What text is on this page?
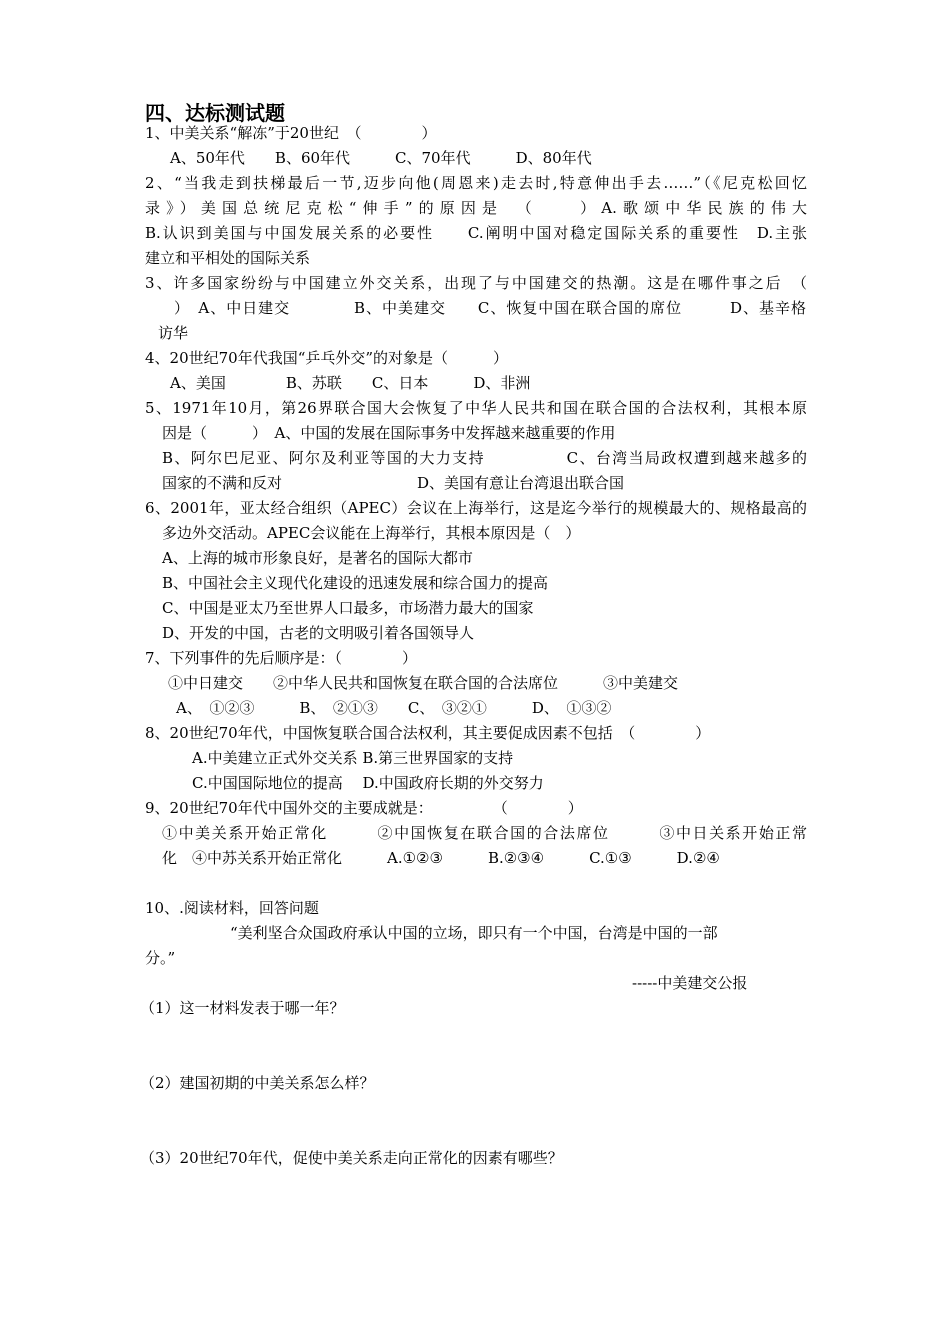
四、达标测试题
1、中美关系“解冻”于20世纪　（　　　　）
A、50年代　　B、60年代　　　C、70年代　　　D、80年代
2、“当我走到扶梯最后一节,迈步向他(周恩来)走去时,特意伸出手去……”（《尼克松回忆
录》）美国总统尼克松“伸手”的原因是　（　　）A.歌颂中华民族的伟大
B.认识到美国与中国发展关系的必要性　　C.阐明中国对稳定国际关系的重要性　D.主张
建立和平相处的国际关系
3、许多国家纷纷与中国建立外交关系，出现了与中国建交的热潮。这是在哪件事之后　（
　）　A、中日建交　　　　B、中美建交　　C、恢复中国在联合国的席位　　　D、基辛格
访华
4、20世纪70年代我国“乒乓外交”的对象是（　　　）
A、美国　　　　B、苏联　　C、日本　　　D、非洲
5、1971年10月，第26界联合国大会恢复了中华人民共和国在联合国的合法权利，其根本原
因是（　　　）　A、中国的发展在国际事务中发挥越来越重要的作用
B、阿尔巴尼亚、阿尔及利亚等国的大力支持　　　　　C、台湾当局政权遭到越来越多的
国家的不满和反对　　　　　　　　　D、美国有意让台湾退出联合国
6、2001年，亚太经合组织（APEC）会议在上海举行，这是迄今举行的规模最大的、规格最高的
多边外交活动。APEC会议能在上海举行，其根本原因是（　）
A、上海的城市形象良好，是著名的国际大都市
B、中国社会主义现代化建设的迅速发展和综合国力的提高
C、中国是亚太乃至世界人口最多，市场潜力最大的国家
D、开发的中国，古老的文明吸引着各国领导人
7、下列事件的先后顺序是：（　　　　）
①中日建交　　②中华人民共和国恢复在联合国的合法席位　　　③中美建交
A、　①②③　　　B、　②①③　　C、　③②①　　　D、　①③②
8、20世纪70年代，中国恢复联合国合法权利，其主要促成因素不包括　（　　　　）
A.中美建立正式外交关系 B.第三世界国家的支持
C.中国国际地位的提高　 D.中国政府长期的外交努力
9、20世纪70年代中国外交的主要成就是：　　　　　（　　　　）
①中美关系开始正常化　　　②中国恢复在联合国的合法席位　　　③中日关系开始正常
化　④中苏关系开始正常化　　　A.①②③　　　B.②③④　　　C.①③　　　D.②④
10、.阅读材料，回答问题
“美利坚合众国政府承认中国的立场，即只有一个中国，台湾是中国的一部
分。”
-----中美建交公报
（1）这一材料发表于哪一年？
（2）建国初期的中美关系怎么样？
（3）20世纪70年代，促使中美关系走向正常化的因素有哪些？
